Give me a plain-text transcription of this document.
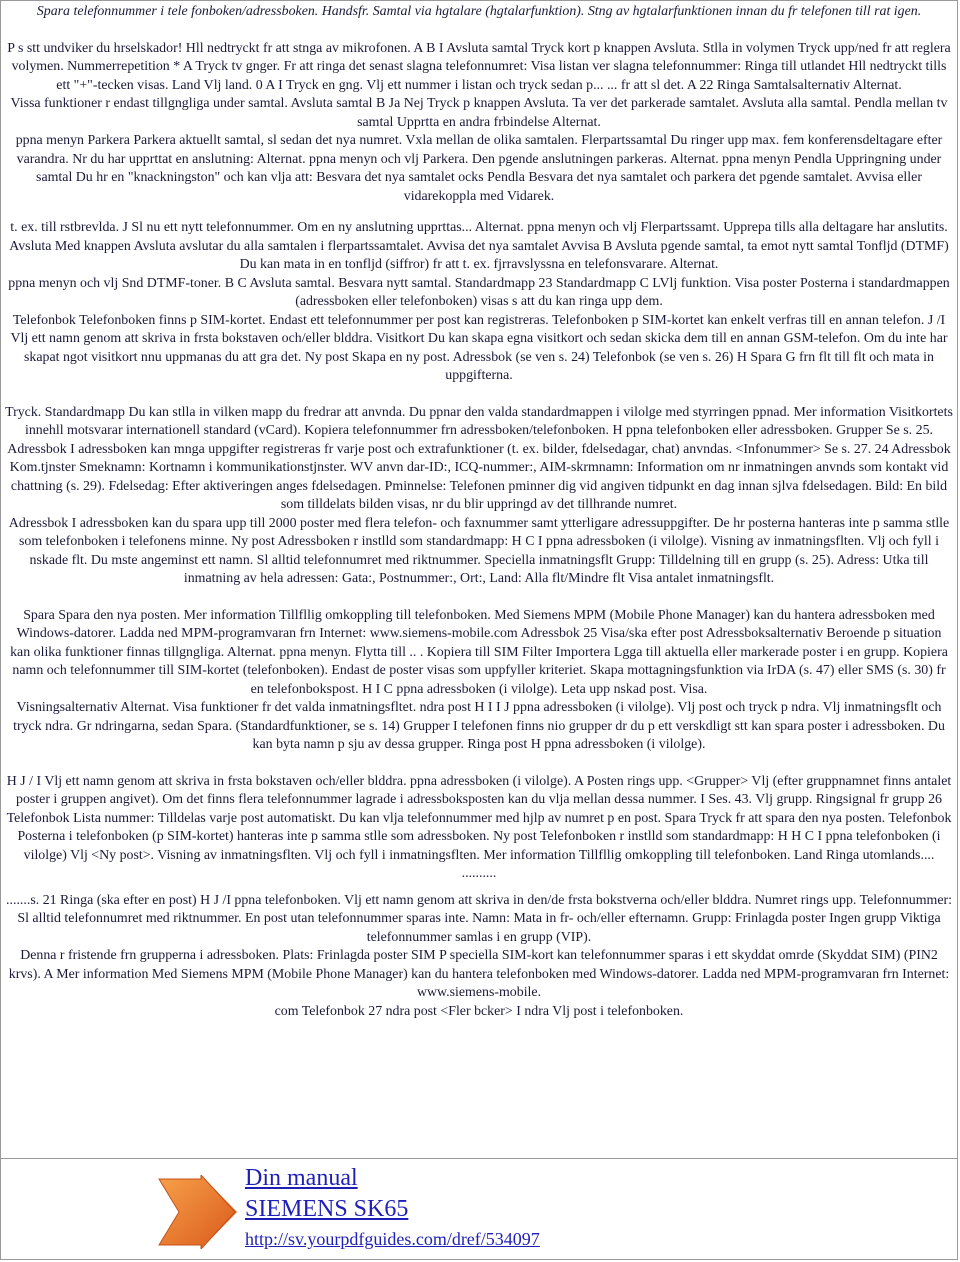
Spara telefonnummer i tele fonboken/adressboken. Handsfr. Samtal via hgtalare (hgtalarfunktion). Stng av hgtalarfunktionen innan du fr telefonen till rat igen.

P s stt undviker du hrselskador! Hll nedtryckt fr att stnga av mikrofonen. A B I Avsluta samtal Tryck kort p knappen Avsluta. Stlla in volymen Tryck upp/ned fr att reglera volymen. Nummerrepetition * A Tryck tv gnger. Fr att ringa det senast slagna telefonnumret: Visa listan ver slagna telefonnummer: Ringa till utlandet Hll nedtryckt tills ett "+"-tecken visas. Land Vlj land. 0 A I Tryck en gng. Vlj ett nummer i listan och tryck sedan p... ... fr att sl det. A 22 Ringa Samtalsalternativ Alternat.

Vissa funktioner r endast tillgngliga under samtal. Avsluta samtal B Ja Nej Tryck p knappen Avsluta. Ta ver det parkerade samtalet. Avsluta alla samtal. Pendla mellan tv samtal Upprtta en andra frbindelse Alternat.

ppna menyn Parkera Parkera aktuellt samtal, sl sedan det nya numret. Vxla mellan de olika samtalen. Flerpartssamtal Du ringer upp max. fem konferensdeltagare efter varandra. Nr du har upprttat en anslutning: Alternat. ppna menyn och vlj Parkera. Den pgende anslutningen parkeras. Alternat. ppna menyn Pendla Uppringning under samtal Du hr en "knackningston" och kan vlja att: Besvara det nya samtalet ocks Pendla Besvara det nya samtalet och parkera det pgende samtalet. Avvisa eller vidarekoppla med Vidarek.

t. ex. till rstbrevlda. J Sl nu ett nytt telefonnummer. Om en ny anslutning upprttas... Alternat. ppna menyn och vlj Flerpartssamt. Upprepa tills alla deltagare har anslutits.

Avsluta Med knappen Avsluta avslutar du alla samtalen i flerpartssamtalet. Avvisa det nya samtalet Avvisa B Avsluta pgende samtal, ta emot nytt samtal Tonfljd (DTMF) Du kan mata in en tonfljd (siffror) fr att t. ex. fjrravslyssna en telefonsvarare. Alternat.

ppna menyn och vlj Snd DTMF-toner. B C Avsluta samtal. Besvara nytt samtal. Standardmapp 23 Standardmapp C LVlj funktion. Visa poster Posterna i standardmappen (adressboken eller telefonboken) visas s att du kan ringa upp dem.

Telefonbok Telefonboken finns p SIM-kortet. Endast ett telefonnummer per post kan registreras. Telefonboken p SIM-kortet kan enkelt verfras till en annan telefon. J /I Vlj ett namn genom att skriva in frsta bokstaven och/eller blddra. Visitkort Du kan skapa egna visitkort och sedan skicka dem till en annan GSM-telefon. Om du inte har skapat ngot visitkort nnu uppmanas du att gra det. Ny post Skapa en ny post. Adressbok (se ven s. 24) Telefonbok (se ven s. 26) H Spara G frn flt till flt och mata in uppgifterna.

Tryck. Standardmapp Du kan stlla in vilken mapp du fredrar att anvnda. Du ppnar den valda standardmappen i vilolge med styrringen ppnad. Mer information Visitkortets innehll motsvarar internationell standard (vCard). Kopiera telefonnummer frn adressboken/telefonboken. H ppna telefonboken eller adressboken. Grupper Se s. 25. Adressbok I adressboken kan mnga uppgifter registreras fr varje post och extrafunktioner (t. ex. bilder, fdelsedagar, chat) anvndas. <Infonummer> Se s. 27. 24 Adressbok Kom.tjnster Smeknamn: Kortnamn i kommunikationstjnster. WV anvn dar-ID:, ICQ-nummer:, AIM-skrmnamn: Information om nr inmatningen anvnds som kontakt vid chattning (s. 29). Fdelsedag: Efter aktiveringen anges fdelsedagen. Pminnelse: Telefonen pminner dig vid angiven tidpunkt en dag innan sjlva fdelsedagen. Bild: En bild som tilldelats bilden visas, nr du blir uppringd av det tillhrande numret.

Adressbok I adressboken kan du spara upp till 2000 poster med flera telefon- och faxnummer samt ytterligare adressuppgifter. De hr posterna hanteras inte p samma stlle som telefonboken i telefonens minne. Ny post Adressboken r instlld som standardmapp: H C I ppna adressboken (i vilolge). Visning av inmatningsflten. Vlj och fyll i nskade flt. Du mste angeminst ett namn. Sl alltid telefonnumret med riktnummer. Speciella inmatningsflt Grupp: Tilldelning till en grupp (s. 25). Adress: Utka till inmatning av hela adressen: Gata:, Postnummer:, Ort:, Land: Alla flt/Mindre flt Visa antalet inmatningsflt.

Spara Spara den nya posten. Mer information Tillfllig omkoppling till telefonboken. Med Siemens MPM (Mobile Phone Manager) kan du hantera adressboken med Windows-datorer. Ladda ned MPM-programvaran frn Internet: www.siemens-mobile.com Adressbok 25 Visa/ska efter post Adressboksalternativ Beroende p situation kan olika funktioner finnas tillgngliga. Alternat. ppna menyn. Flytta till .. . Kopiera till SIM Filter Importera Lgga till aktuella eller markerade poster i en grupp. Kopiera namn och telefonnummer till SIM-kortet (telefonboken). Endast de poster visas som uppfyller kriteriet. Skapa mottagningsfunktion via IrDA (s. 47) eller SMS (s. 30) fr en telefonbokspost. H I C ppna adressboken (i vilolge). Leta upp nskad post. Visa.

Visningsalternativ Alternat. Visa funktioner fr det valda inmatningsfltet. ndra post H I I J ppna adressboken (i vilolge). Vlj post och tryck p ndra. Vlj inmatningsflt och tryck ndra. Gr ndringarna, sedan Spara. (Standardfunktioner, se s. 14) Grupper I telefonen finns nio grupper dr du p ett verskdligt stt kan spara poster i adressboken. Du kan byta namn p sju av dessa grupper. Ringa post H ppna adressboken (i vilolge).

H J / I Vlj ett namn genom att skriva in frsta bokstaven och/eller blddra. ppna adressboken (i vilolge). A Posten rings upp. <Grupper> Vlj (efter gruppnamnet finns antalet poster i gruppen angivet). Om det finns flera telefonnummer lagrade i adressboksposten kan du vlja mellan dessa nummer. I Ses. 43. Vlj grupp. Ringsignal fr grupp 26 Telefonbok Lista nummer: Tilldelas varje post automatiskt. Du kan vlja telefonnummer med hjlp av numret p en post. Spara Tryck fr att spara den nya posten. Telefonbok Posterna i telefonboken (p SIM-kortet) hanteras inte p samma stlle som adressboken. Ny post Telefonboken r instlld som standardmapp: H H C I ppna telefonboken (i vilolge) Vlj <Ny post>. Visning av inmatningsflten. Vlj och fyll i inmatningsflten. Mer information Tillfllig omkoppling till telefonboken. Land Ringa utomlands....

..........

.......s. 21 Ringa (ska efter en post) H J /I ppna telefonboken. Vlj ett namn genom att skriva in den/de frsta bokstverna och/eller blddra. Numret rings upp. Telefonnummer: Sl alltid telefonnumret med riktnummer. En post utan telefonnummer sparas inte. Namn: Mata in fr- och/eller efternamn. Grupp: Frinlagda poster Ingen grupp Viktiga telefonnummer samlas i en grupp (VIP).

Denna r fristende frn grupperna i adressboken. Plats: Frinlagda poster SIM P speciella SIM-kort kan telefonnummer sparas i ett skyddat omrde (Skyddat SIM) (PIN2 krvs). A Mer information Med Siemens MPM (Mobile Phone Manager) kan du hantera telefonboken med Windows-datorer. Ladda ned MPM-programvaran frn Internet: www.siemens-mobile.

com Telefonbok 27 ndra post <Fler bcker> I ndra Vlj post i telefonboken.

Din manual
SIEMENS SK65
http://sv.yourpdfguides.com/dref/534097
